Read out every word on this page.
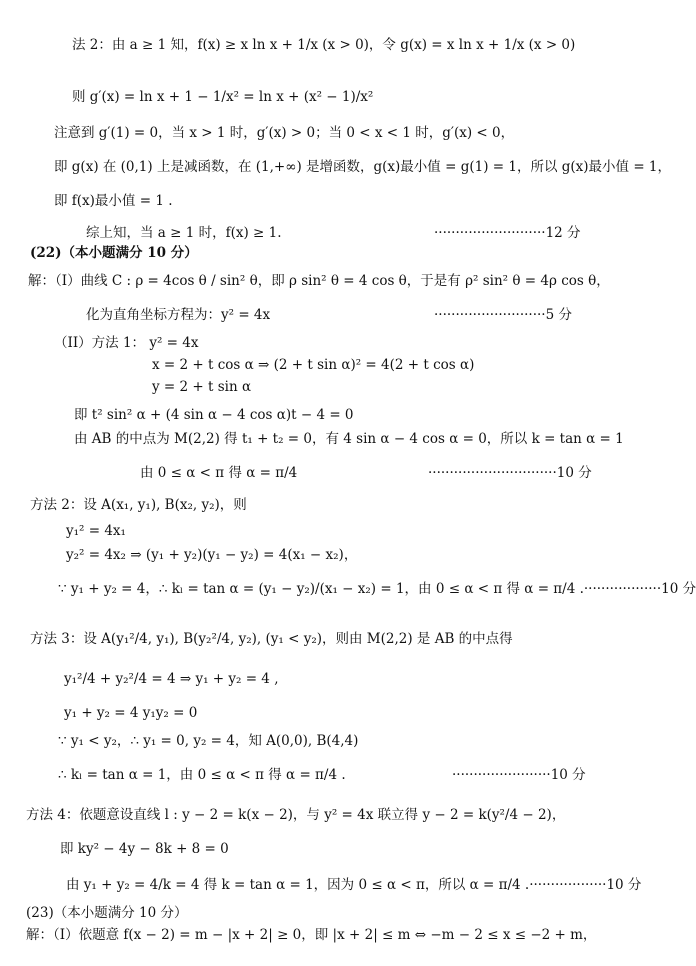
法 2：由 a ≥ 1 知，f(x) ≥ x ln x + 1/x (x > 0)，令 g(x) = x ln x + 1/x (x > 0)
则 g′(x) = ln x + 1 − 1/x² = ln x + (x² − 1)/x²
注意到 g′(1) = 0，当 x > 1 时，g′(x) > 0；当 0 < x < 1 时，g′(x) < 0，
即 g(x) 在 (0,1) 上是减函数，在 (1,+∞) 是增函数，g(x)最小值 = g(1) = 1，所以 g(x)最小值 = 1，
即 f(x)最小值 = 1 .
综上知，当 a ≥ 1 时，f(x) ≥ 1.	··························12 分
(22)（本小题满分 10 分）
解：（I）曲线 C : ρ = 4cos θ / sin² θ，即 ρ sin² θ = 4 cos θ，于是有 ρ² sin² θ = 4ρ cos θ，
化为直角坐标方程为：y² = 4x	··························5 分
（II）方法 1： y² = 4x
x = 2 + t cos α ⇒ (2 + t sin α)² = 4(2 + t cos α)
y = 2 + t sin α
即 t² sin² α + (4 sin α − 4 cos α)t − 4 = 0
由 AB 的中点为 M(2,2) 得 t₁ + t₂ = 0，有 4 sin α − 4 cos α = 0，所以 k = tan α = 1
由 0 ≤ α < π 得 α = π/4	······························10 分
方法 2：设 A(x₁, y₁), B(x₂, y₂)，则
y₁² = 4x₁
y₂² = 4x₂ ⇒ (y₁ + y₂)(y₁ − y₂) = 4(x₁ − x₂)，
∵ y₁ + y₂ = 4，∴ kₗ = tan α = (y₁ − y₂)/(x₁ − x₂) = 1，由 0 ≤ α < π 得 α = π/4 .··················10 分
方法 3：设 A(y₁²/4, y₁), B(y₂²/4, y₂), (y₁ < y₂)，则由 M(2,2) 是 AB 的中点得
y₁²/4 + y₂²/4 = 4 ⇒ y₁ + y₂ = 4 ,
y₁ + y₂ = 4 y₁y₂ = 0
∵ y₁ < y₂，∴ y₁ = 0, y₂ = 4，知 A(0,0), B(4,4)
∴ kₗ = tan α = 1，由 0 ≤ α < π 得 α = π/4 .	·······················10 分
方法 4：依题意设直线 l : y − 2 = k(x − 2)，与 y² = 4x 联立得 y − 2 = k(y²/4 − 2)，
即 ky² − 4y − 8k + 8 = 0
由 y₁ + y₂ = 4/k = 4 得 k = tan α = 1，因为 0 ≤ α < π，所以 α = π/4 .··················10 分
(23)（本小题满分 10 分）
解：（I）依题意 f(x − 2) = m − |x + 2| ≥ 0，即 |x + 2| ≤ m ⇔ −m − 2 ≤ x ≤ −2 + m，
